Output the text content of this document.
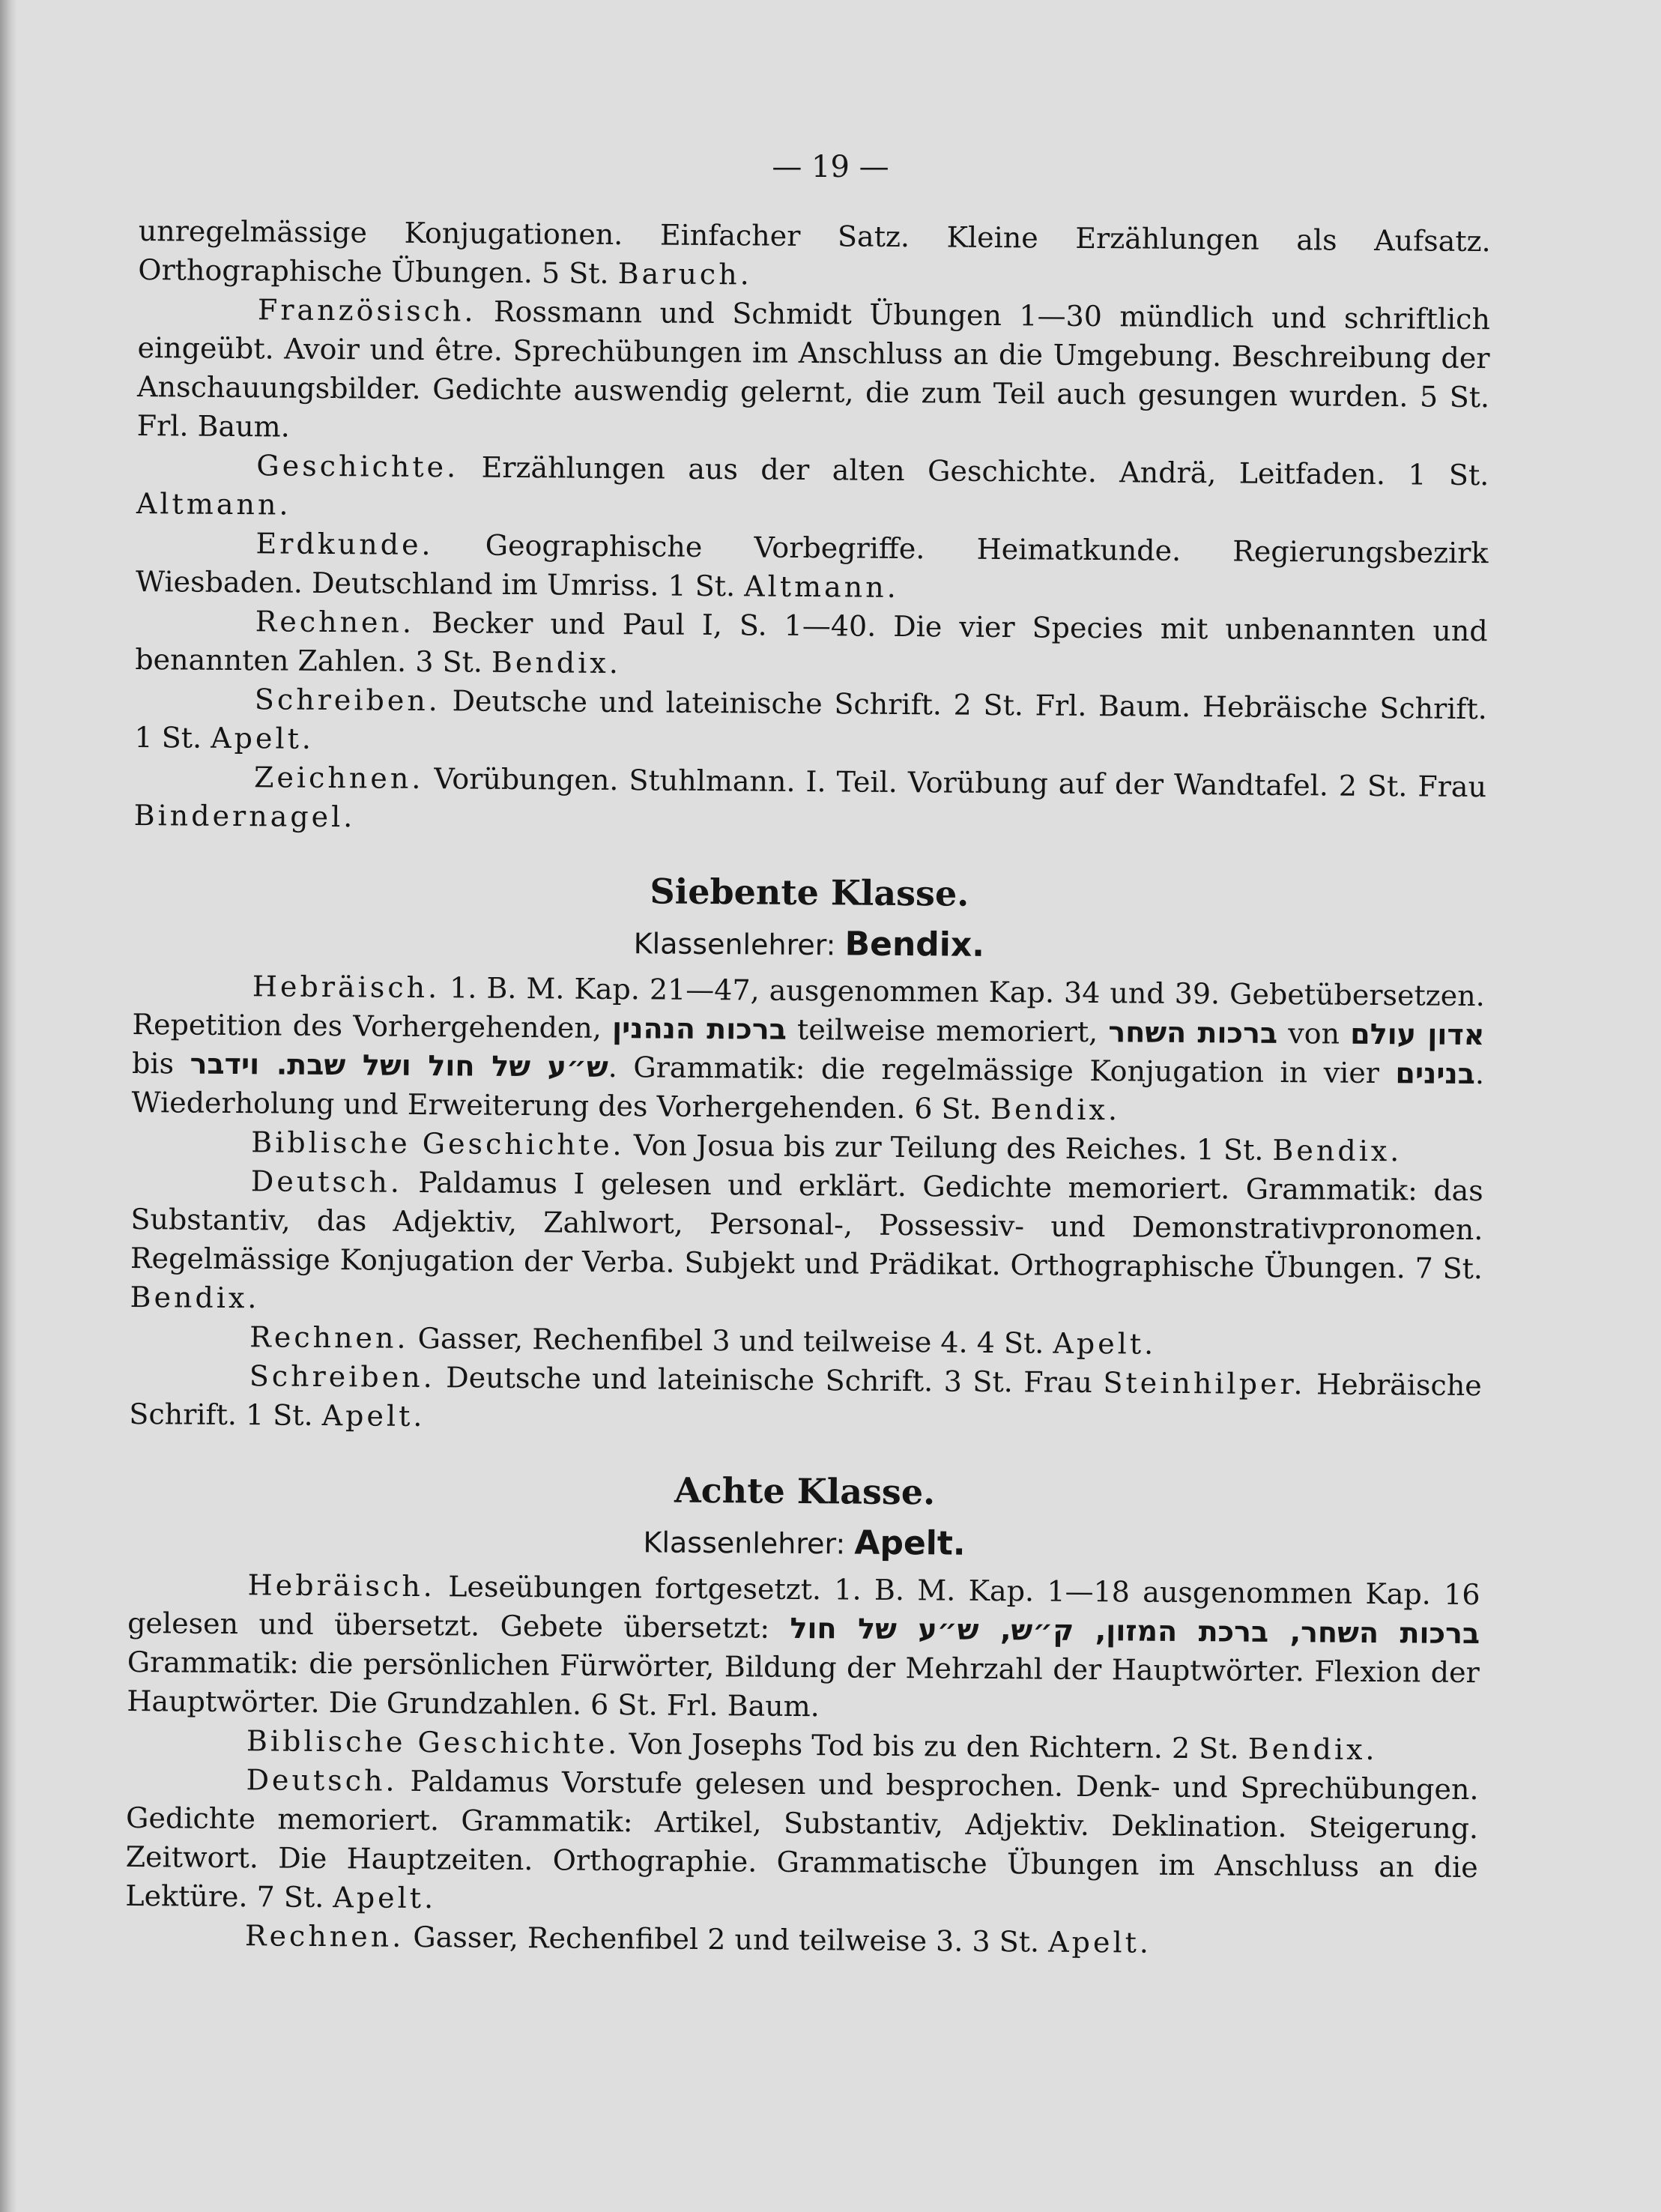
— 19 —

unregelmässige Konjugationen. Einfacher Satz. Kleine Erzählungen als Aufsatz. Orthographische Übungen. 5 St. Baruch.

Französisch. Rossmann und Schmidt Übungen 1—30 mündlich und schriftlich eingeübt. Avoir und être. Sprechübungen im Anschluss an die Umgebung. Beschreibung der Anschauungsbilder. Gedichte auswendig gelernt, die zum Teil auch gesungen wurden. 5 St. Frl. Baum.

Geschichte. Erzählungen aus der alten Geschichte. Andrä, Leitfaden. 1 St. Altmann.

Erdkunde. Geographische Vorbegriffe. Heimatkunde. Regierungsbezirk Wiesbaden. Deutschland im Umriss. 1 St. Altmann.

Rechnen. Becker und Paul I, S. 1—40. Die vier Species mit unbenannten und benannten Zahlen. 3 St. Bendix.

Schreiben. Deutsche und lateinische Schrift. 2 St. Frl. Baum. Hebräische Schrift. 1 St. Apelt.

Zeichnen. Vorübungen. Stuhlmann. I. Teil. Vorübung auf der Wandtafel. 2 St. Frau Bindernagel.

Siebente Klasse.
Klassenlehrer: Bendix.

Hebräisch. 1. B. M. Kap. 21—47, ausgenommen Kap. 34 und 39. Gebetübersetzen. Repetition des Vorhergehenden, ברכות הנהנין teilweise memoriert, ברכות השחר von אדון עולם bis ש״ע של חול ושל שבת. וידבר. Grammatik: die regelmässige Konjugation in vier בנינים. Wiederholung und Erweiterung des Vorhergehenden. 6 St. Bendix.

Biblische Geschichte. Von Josua bis zur Teilung des Reiches. 1 St. Bendix.

Deutsch. Paldamus I gelesen und erklärt. Gedichte memoriert. Grammatik: das Substantiv, das Adjektiv, Zahlwort, Personal-, Possessiv- und Demonstrativpronomen. Regelmässige Konjugation der Verba. Subjekt und Prädikat. Orthographische Übungen. 7 St. Bendix.

Rechnen. Gasser, Rechenfibel 3 und teilweise 4. 4 St. Apelt.

Schreiben. Deutsche und lateinische Schrift. 3 St. Frau Steinhilper. Hebräische Schrift. 1 St. Apelt.

Achte Klasse.
Klassenlehrer: Apelt.

Hebräisch. Leseübungen fortgesetzt. 1. B. M. Kap. 1—18 ausgenommen Kap. 16 gelesen und übersetzt. Gebete übersetzt: ברכות השחר, ברכת המזון, ק״ש, ש״ע של חול Grammatik: die persönlichen Fürwörter, Bildung der Mehrzahl der Hauptwörter. Flexion der Hauptwörter. Die Grundzahlen. 6 St. Frl. Baum.

Biblische Geschichte. Von Josephs Tod bis zu den Richtern. 2 St. Bendix.

Deutsch. Paldamus Vorstufe gelesen und besprochen. Denk- und Sprechübungen. Gedichte memoriert. Grammatik: Artikel, Substantiv, Adjektiv. Deklination. Steigerung. Zeitwort. Die Hauptzeiten. Orthographie. Grammatische Übungen im Anschluss an die Lektüre. 7 St. Apelt.

Rechnen. Gasser, Rechenfibel 2 und teilweise 3. 3 St. Apelt.
